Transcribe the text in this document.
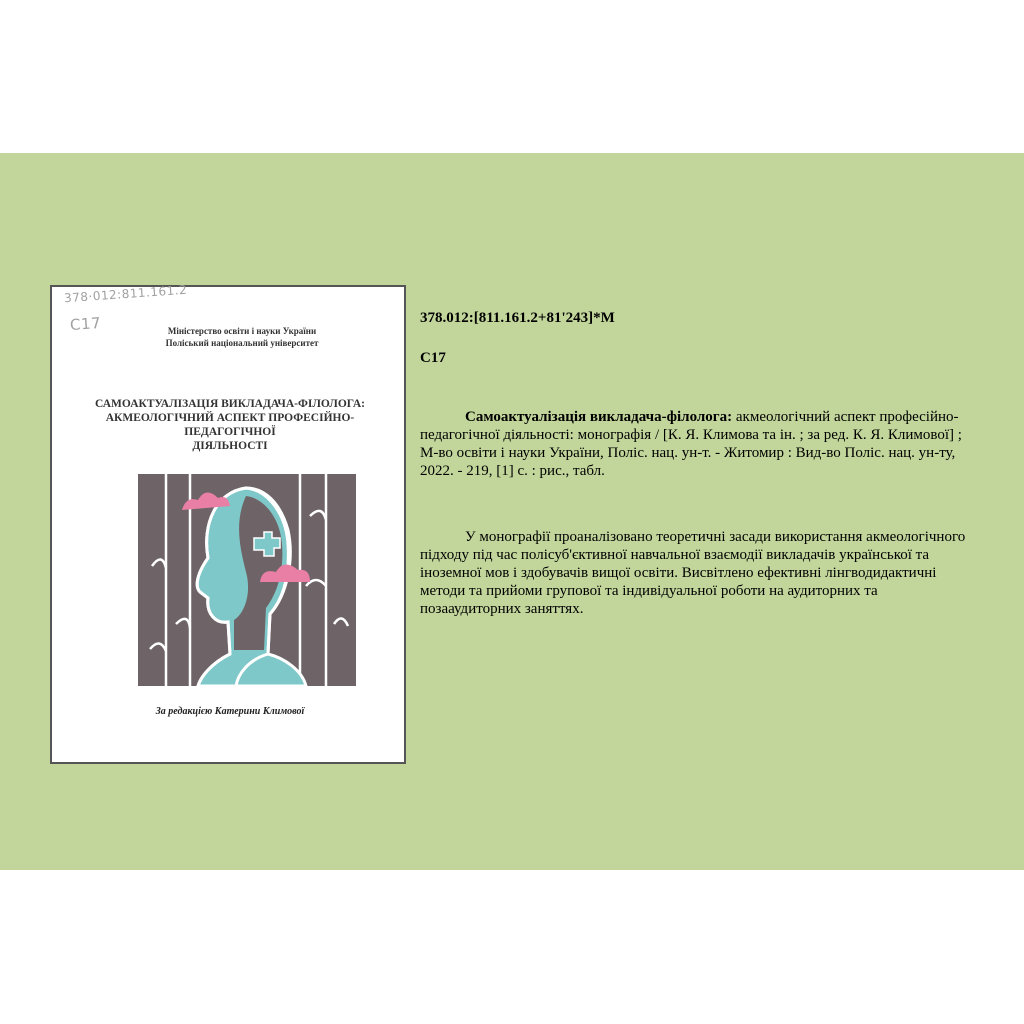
378·012:811.161.2
C17	Міністерство освіти і науки України
Поліський національний університет
САМОАКТУАЛІЗАЦІЯ ВИКЛАДАЧА-ФІЛОЛОГА:
АКМЕОЛОГІЧНИЙ АСПЕКТ ПРОФЕСІЙНО-ПЕДАГОГІЧНОЇ
ДІЯЛЬНОСТІ
За редакцією Катерини Климової
378.012:[811.161.2+81'243]*M
C17
Самоактуалізація викладача-філолога: акмеологічний аспект професійно-педагогічної діяльності: монографія / [К. Я. Климова та ін. ; за ред. К. Я. Климової] ; М-во освіти і науки України, Поліс. нац. ун-т. - Житомир : Вид-во Поліс. нац. ун-ту, 2022. - 219, [1] с. : рис., табл.
У монографії проаналізовано теоретичні засади використання акмеологічного підходу під час полісуб'єктивної навчальної взаємодії викладачів української та іноземної мов і здобувачів вищої освіти. Висвітлено ефективні лінгводидактичні методи та прийоми групової та індивідуальної роботи на аудиторних та позааудиторних заняттях.
